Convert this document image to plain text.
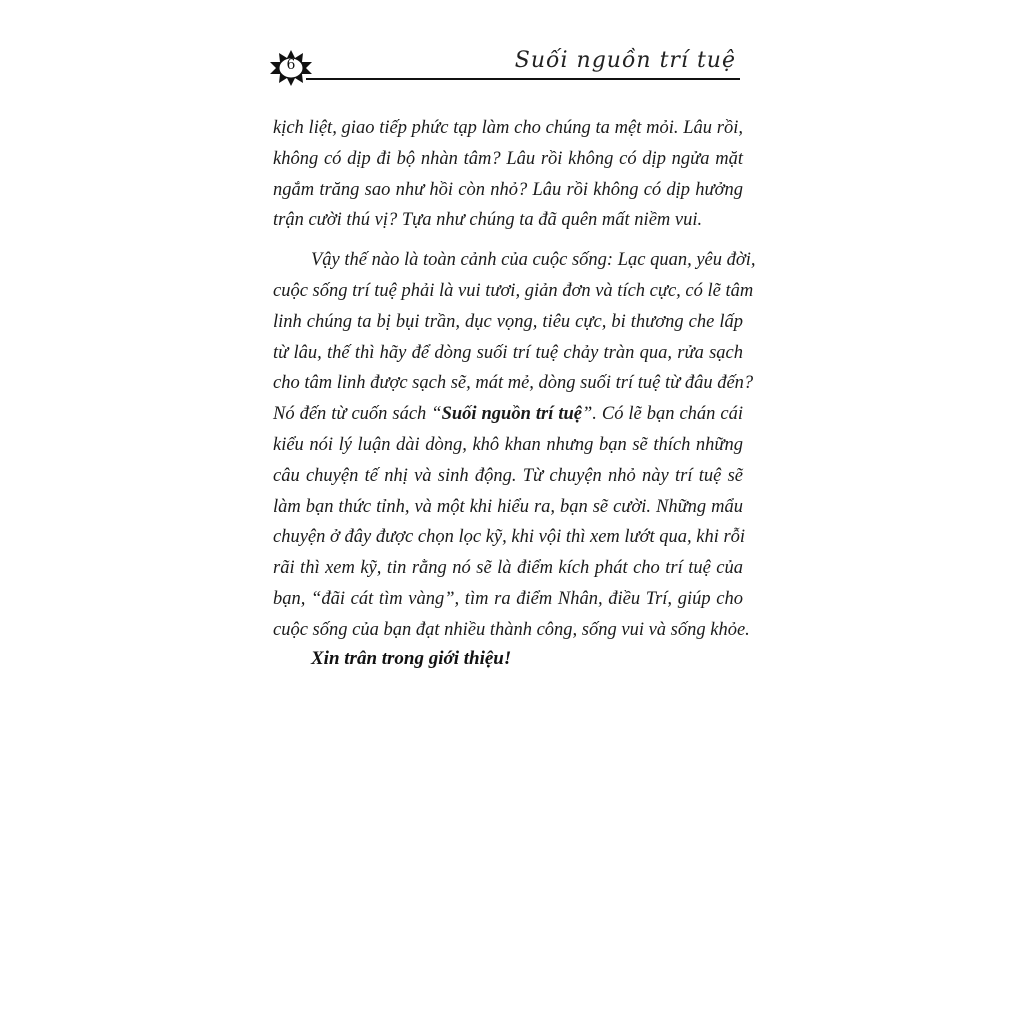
6	Suối nguồn trí tuệ
kịch liệt, giao tiếp phức tạp làm cho chúng ta mệt mỏi. Lâu rồi,
không có dịp đi bộ nhàn tâm? Lâu rồi không có dịp ngửa mặt
ngắm trăng sao như hồi còn nhỏ? Lâu rồi không có dịp hưởng
trận cười thú vị? Tựa như chúng ta đã quên mất niềm vui.
Vậy thế nào là toàn cảnh của cuộc sống: Lạc quan, yêu đời,
cuộc sống trí tuệ phải là vui tươi, giản đơn và tích cực, có lẽ tâm
linh chúng ta bị bụi trần, dục vọng, tiêu cực, bi thương che lấp
từ lâu, thế thì hãy để dòng suối trí tuệ chảy tràn qua, rửa sạch
cho tâm linh được sạch sẽ, mát mẻ, dòng suối trí tuệ từ đâu đến?
Nó đến từ cuốn sách “Suối nguồn trí tuệ”. Có lẽ bạn chán cái
kiểu nói lý luận dài dòng, khô khan nhưng bạn sẽ thích những
câu chuyện tế nhị và sinh động. Từ chuyện nhỏ này trí tuệ sẽ
làm bạn thức tỉnh, và một khi hiểu ra, bạn sẽ cười. Những mẩu
chuyện ở đây được chọn lọc kỹ, khi vội thì xem lướt qua, khi rỗi
rãi thì xem kỹ, tin rằng nó sẽ là điểm kích phát cho trí tuệ của
bạn, “đãi cát tìm vàng”, tìm ra điểm Nhân, điều Trí, giúp cho
cuộc sống của bạn đạt nhiều thành công, sống vui và sống khỏe.
Xin trân trong giới thiệu!
